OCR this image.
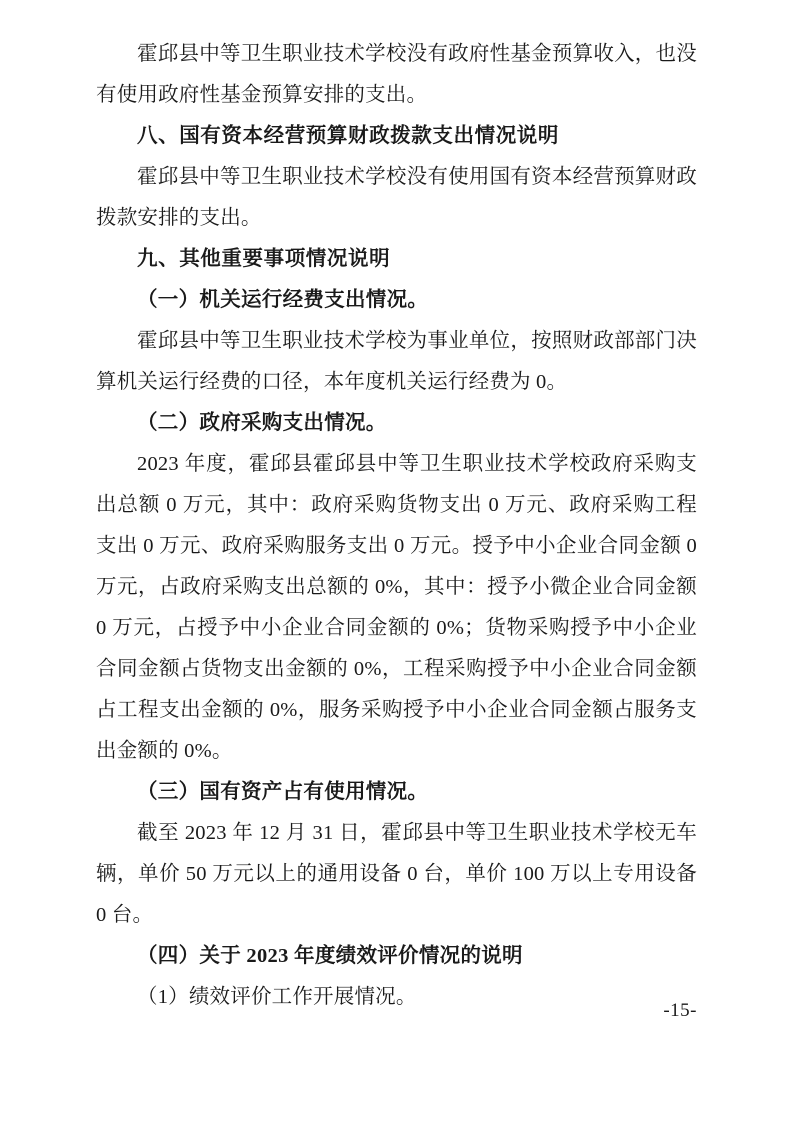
霍邱县中等卫生职业技术学校没有政府性基金预算收入，也没有使用政府性基金预算安排的支出。

八、国有资本经营预算财政拨款支出情况说明

霍邱县中等卫生职业技术学校没有使用国有资本经营预算财政拨款安排的支出。

九、其他重要事项情况说明

（一）机关运行经费支出情况。

霍邱县中等卫生职业技术学校为事业单位，按照财政部部门决算机关运行经费的口径，本年度机关运行经费为 0。

（二）政府采购支出情况。

2023 年度，霍邱县霍邱县中等卫生职业技术学校政府采购支出总额 0 万元，其中：政府采购货物支出 0 万元、政府采购工程支出 0 万元、政府采购服务支出 0 万元。授予中小企业合同金额 0 万元，占政府采购支出总额的 0%，其中：授予小微企业合同金额 0 万元，占授予中小企业合同金额的 0%；货物采购授予中小企业合同金额占货物支出金额的 0%，工程采购授予中小企业合同金额占工程支出金额的 0%，服务采购授予中小企业合同金额占服务支出金额的 0%。

（三）国有资产占有使用情况。

截至 2023 年 12 月 31 日，霍邱县中等卫生职业技术学校无车辆，单价 50 万元以上的通用设备 0 台，单价 100 万以上专用设备 0 台。

（四）关于 2023 年度绩效评价情况的说明

（1）绩效评价工作开展情况。

-15-
